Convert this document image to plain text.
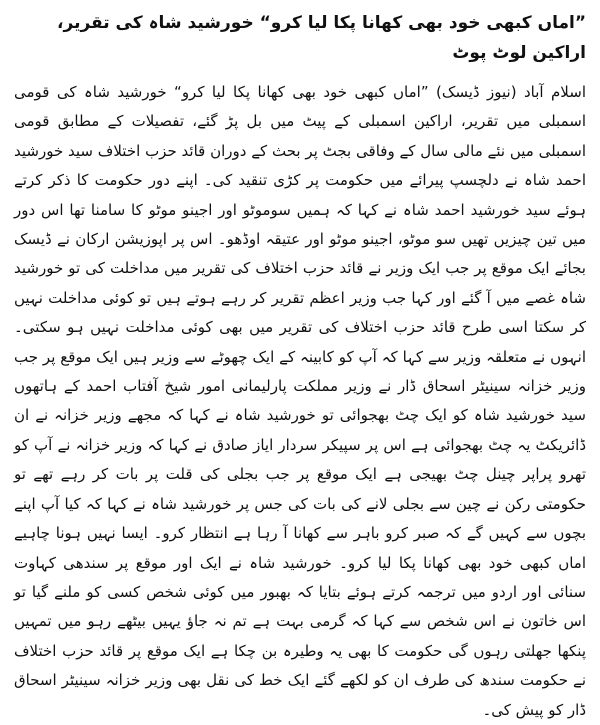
”اماں کبھی خود بھی کھانا پکا لیا کرو“ خورشید شاہ کی تقریر، اراکین لوٹ پوٹ

اسلام آباد (نیوز ڈیسک) ”اماں کبھی خود بھی کھانا پکا لیا کرو“ خورشید شاہ کی قومی اسمبلی میں تقریر، اراکین اسمبلی کے پیٹ میں بل پڑ گئے، تفصیلات کے مطابق قومی اسمبلی میں نئے مالی سال کے وفاقی بجٹ پر بحث کے دوران قائد حزب اختلاف سید خورشید احمد شاہ نے دلچسپ پیرائے میں حکومت پر کڑی تنقید کی۔ اپنے دور حکومت کا ذکر کرتے ہوئے سید خورشید احمد شاہ نے کہا کہ ہمیں سوموٹو اور اجینو موٹو کا سامنا تھا اس دور میں تین چیزیں تھیں سو موٹو، اجینو موٹو اور عتیقہ اوڈھو۔ اس پر اپوزیشن ارکان نے ڈیسک بجائے ایک موقع پر جب ایک وزیر نے قائد حزب اختلاف کی تقریر میں مداخلت کی تو خورشید شاہ غصے میں آ گئے اور کہا جب وزیر اعظم تقریر کر رہے ہوتے ہیں تو کوئی مداخلت نہیں کر سکتا اسی طرح قائد حزب اختلاف کی تقریر میں بھی کوئی مداخلت نہیں ہو سکتی۔ انہوں نے متعلقہ وزیر سے کہا کہ آپ کو کابینہ کے ایک چھوٹے سے وزیر ہیں ایک موقع پر جب وزیر خزانہ سینیٹر اسحاق ڈار نے وزیر مملکت پارلیمانی امور شیخ آفتاب احمد کے ہاتھوں سید خورشید شاہ کو ایک چٹ بھجوائی تو خورشید شاہ نے کہا کہ مجھے وزیر خزانہ نے ان ڈائریکٹ یہ چٹ بھجوائی ہے اس پر سپیکر سردار ایاز صادق نے کہا کہ وزیر خزانہ نے آپ کو تھرو پراپر چینل چٹ بھیجی ہے ایک موقع پر جب بجلی کی قلت پر بات کر رہے تھے تو حکومتی رکن نے چین سے بجلی لانے کی بات کی جس پر خورشید شاہ نے کہا کہ کیا آپ اپنے بچوں سے کہیں گے کہ صبر کرو باہر سے کھانا آ رہا ہے انتظار کرو۔ ایسا نہیں ہونا چاہیے اماں کبھی خود بھی کھانا پکا لیا کرو۔ خورشید شاہ نے ایک اور موقع پر سندھی کہاوت سنائی اور اردو میں ترجمہ کرتے ہوئے بتایا کہ بھبور میں کوئی شخص کسی کو ملنے گیا تو اس خاتون نے اس شخص سے کہا کہ گرمی بہت ہے تم نہ جاؤ یہیں بیٹھے رہو میں تمہیں پنکھا جھلتی رہوں گی حکومت کا بھی یہ وطیرہ بن چکا ہے ایک موقع پر قائد حزب اختلاف نے حکومت سندھ کی طرف ان کو لکھے گئے ایک خط کی نقل بھی وزیر خزانہ سینیٹر اسحاق ڈار کو پیش کی۔
